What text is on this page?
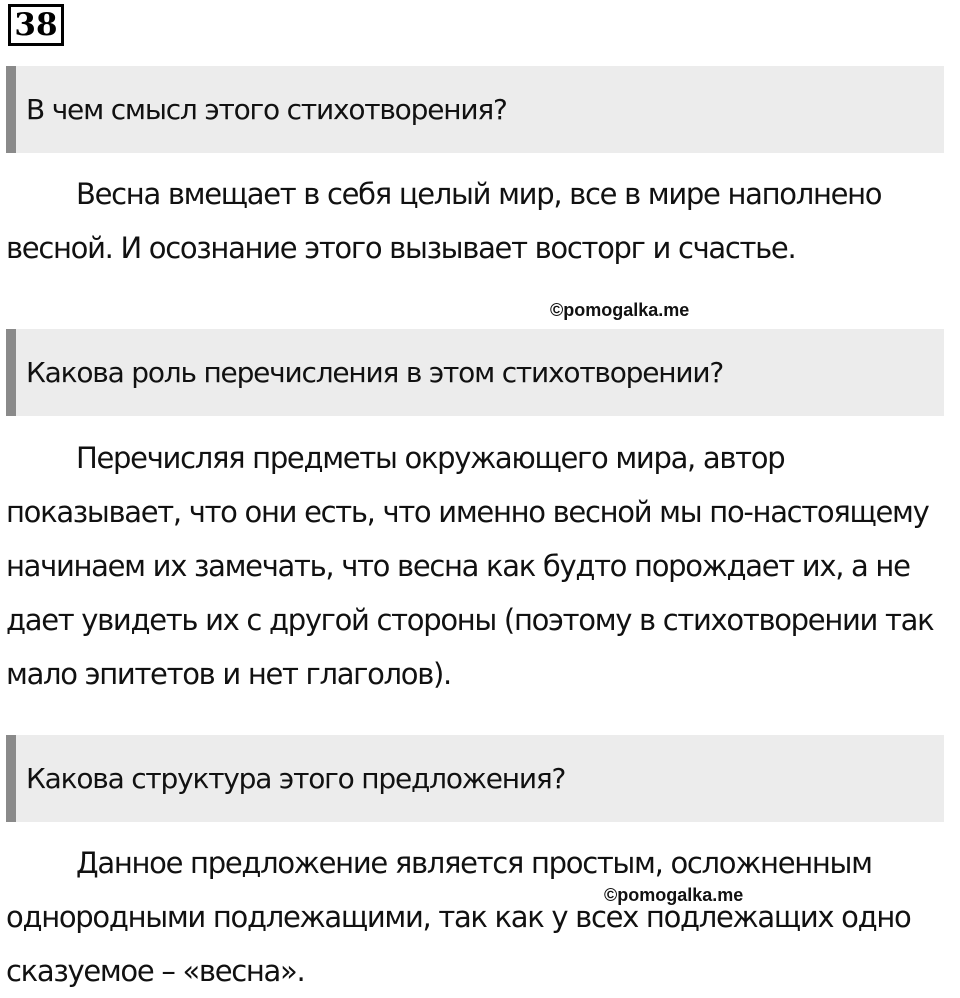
38
В чем смысл этого стихотворения?

Весна вмещает в себя целый мир, все в мире наполнено весной. И осознание этого вызывает восторг и счастье.

©pomogalka.me
Какова роль перечисления в этом стихотворении?

Перечисляя предметы окружающего мира, автор показывает, что они есть, что именно весной мы по-настоящему начинаем их замечать, что весна как будто порождает их, а не дает увидеть их с другой стороны (поэтому в стихотворении так мало эпитетов и нет глаголов).

Какова структура этого предложения?

Данное предложение является простым, осложненным однородными подлежащими, так как у всех подлежащих одно сказуемое – «весна».

©pomogalka.me
